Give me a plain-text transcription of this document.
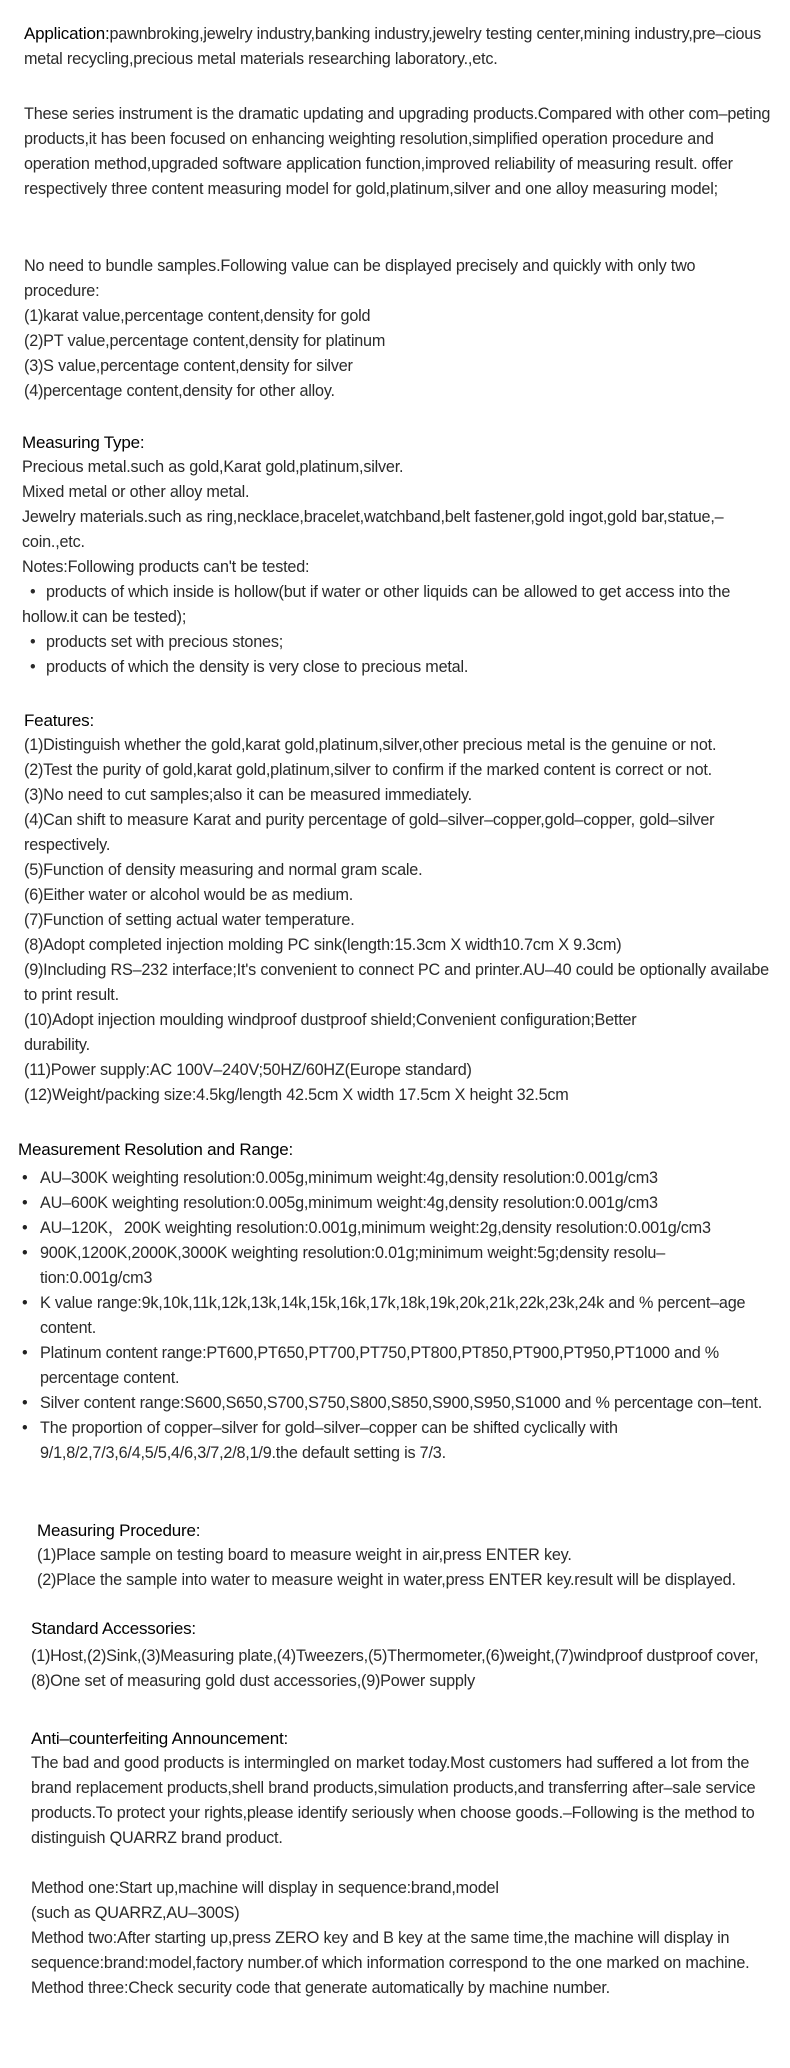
Application:pawnbroking,jewelry industry,banking industry,jewelry testing center,mining industry,pre–cious metal recycling,precious metal materials researching laboratory.,etc.

These series instrument is the dramatic updating and upgrading products.Compared with other com–peting products,it has been focused on enhancing weighting resolution,simplified operation procedure and operation method,upgraded software application function,improved reliability of measuring result. offer respectively three content measuring model for gold,platinum,silver and one alloy measuring model;

No need to bundle samples.Following value can be displayed precisely and quickly with only two procedure:

(1)karat value,percentage content,density for gold

(2)PT value,percentage content,density for platinum

(3)S value,percentage content,density for silver

(4)percentage content,density for other alloy.

Measuring Type:

Precious metal.such as gold,Karat gold,platinum,silver.

Mixed metal or other alloy metal.

Jewelry materials.such as ring,necklace,bracelet,watchband,belt fastener,gold ingot,gold bar,statue,–coin.,etc.

Notes:Following products can't be tested:

• products of which inside is hollow(but if water or other liquids can be allowed to get access into the hollow.it can be tested);

• products set with precious stones;

• products of which the density is very close to precious metal.

Features:

(1)Distinguish whether the gold,karat gold,platinum,silver,other precious metal is the genuine or not.

(2)Test the purity of gold,karat gold,platinum,silver to confirm if the marked content is correct or not.

(3)No need to cut samples;also it can be measured immediately.

(4)Can shift to measure Karat and purity percentage of gold–silver–copper,gold–copper, gold–silver respectively.

(5)Function of density measuring and normal gram scale.

(6)Either water or alcohol would be as medium.

(7)Function of setting actual water temperature.

(8)Adopt completed injection molding PC sink(length:15.3cm X width10.7cm X 9.3cm)

(9)Including RS–232 interface;It's convenient to connect PC and printer.AU–40 could be optionally availabe to print result.

(10)Adopt injection moulding windproof dustproof shield;Convenient configuration;Better durability.

(11)Power supply:AC 100V–240V;50HZ/60HZ(Europe standard)

(12)Weight/packing size:4.5kg/length 42.5cm X width 17.5cm X height 32.5cm

Measurement Resolution and Range:

• AU–300K weighting resolution:0.005g,minimum weight:4g,density resolution:0.001g/cm3
• AU–600K weighting resolution:0.005g,minimum weight:4g,density resolution:0.001g/cm3
• AU–120K，200K weighting resolution:0.001g,minimum weight:2g,density resolution:0.001g/cm3
• 900K,1200K,2000K,3000K weighting resolution:0.01g;minimum weight:5g;density resolu–tion:0.001g/cm3
• K value range:9k,10k,11k,12k,13k,14k,15k,16k,17k,18k,19k,20k,21k,22k,23k,24k and % percent–age content.
• Platinum content range:PT600,PT650,PT700,PT750,PT800,PT850,PT900,PT950,PT1000 and % percentage content.
• Silver content range:S600,S650,S700,S750,S800,S850,S900,S950,S1000 and % percentage con–tent.
• The proportion of copper–silver for gold–silver–copper can be shifted cyclically with 9/1,8/2,7/3,6/4,5/5,4/6,3/7,2/8,1/9.the default setting is 7/3.

Measuring Procedure:

(1)Place sample on testing board to measure weight in air,press ENTER key.

(2)Place the sample into water to measure weight in water,press ENTER key.result will be displayed.

Standard Accessories:

(1)Host,(2)Sink,(3)Measuring plate,(4)Tweezers,(5)Thermometer,(6)weight,(7)windproof dustproof cover,(8)One set of measuring gold dust accessories,(9)Power supply

Anti–counterfeiting Announcement:

The bad and good products is intermingled on market today.Most customers had suffered a lot from the brand replacement products,shell brand products,simulation products,and transferring after–sale service products.To protect your rights,please identify seriously when choose goods.–Following is the method to distinguish QUARRZ brand product.

Method one:Start up,machine will display in sequence:brand,model

(such as QUARRZ,AU–300S)

Method two:After starting up,press ZERO key and B key at the same time,the machine will display in sequence:brand:model,factory number.of which information correspond to the one marked on machine.

Method three:Check security code that generate automatically by machine number.
